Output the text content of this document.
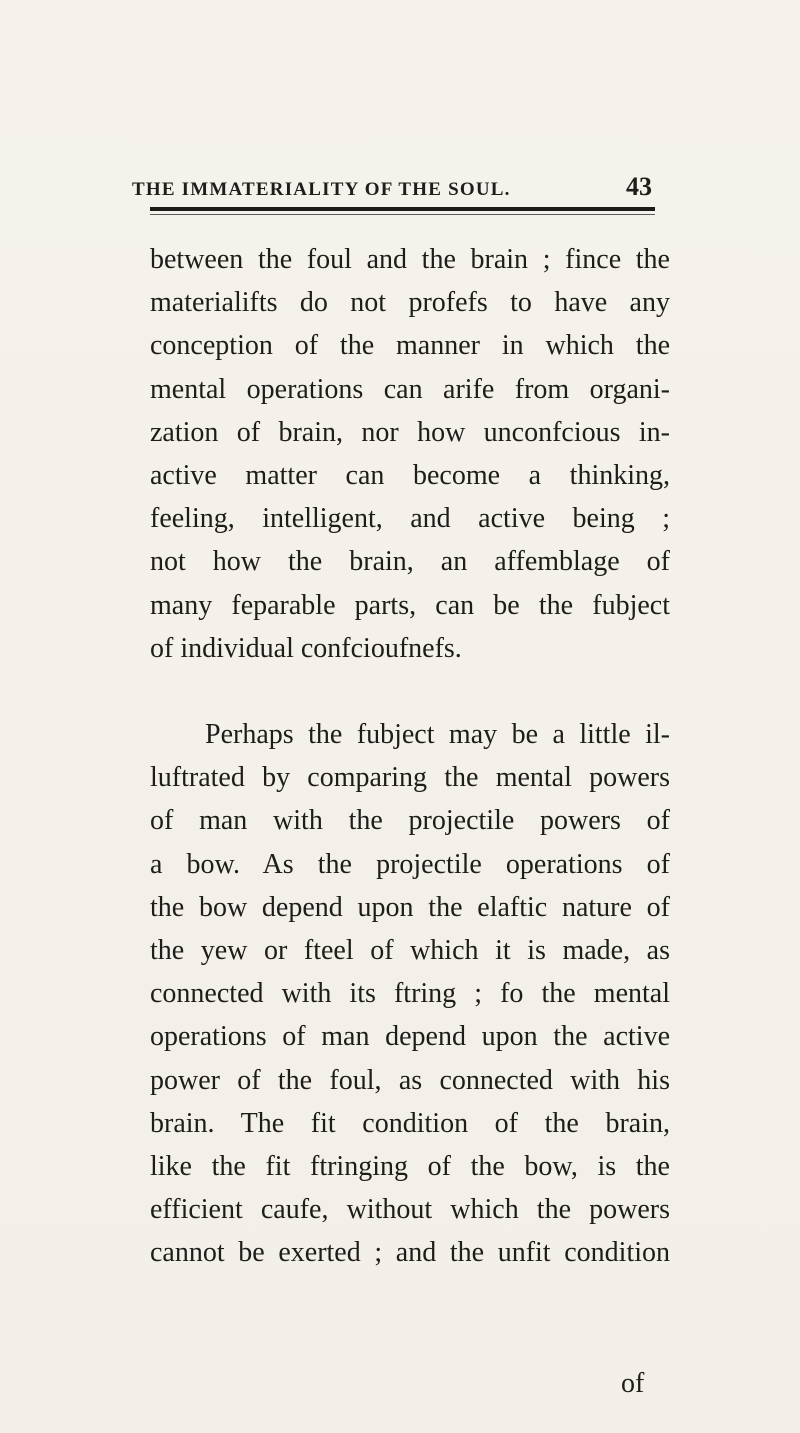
THE IMMATERIALITY OF THE SOUL.	43
between the foul and the brain ; fince the
materialifts do not profefs to have any
conception of the manner in which the
mental operations can arife from organi-
zation of brain, nor how unconfcious in-
active matter can become a thinking,
feeling, intelligent, and active being ;
not how the brain, an affemblage of
many feparable parts, can be the fubject
of individual confcioufnefs.
Perhaps the fubject may be a little il-
luftrated by comparing the mental powers
of man with the projectile powers of
a bow. As the projectile operations of
the bow depend upon the elaftic nature of
the yew or fteel of which it is made, as
connected with its ftring ; fo the mental
operations of man depend upon the active
power of the foul, as connected with his
brain. The fit condition of the brain,
like the fit ftringing of the bow, is the
efficient caufe, without which the powers
cannot be exerted ; and the unfit condition
of
